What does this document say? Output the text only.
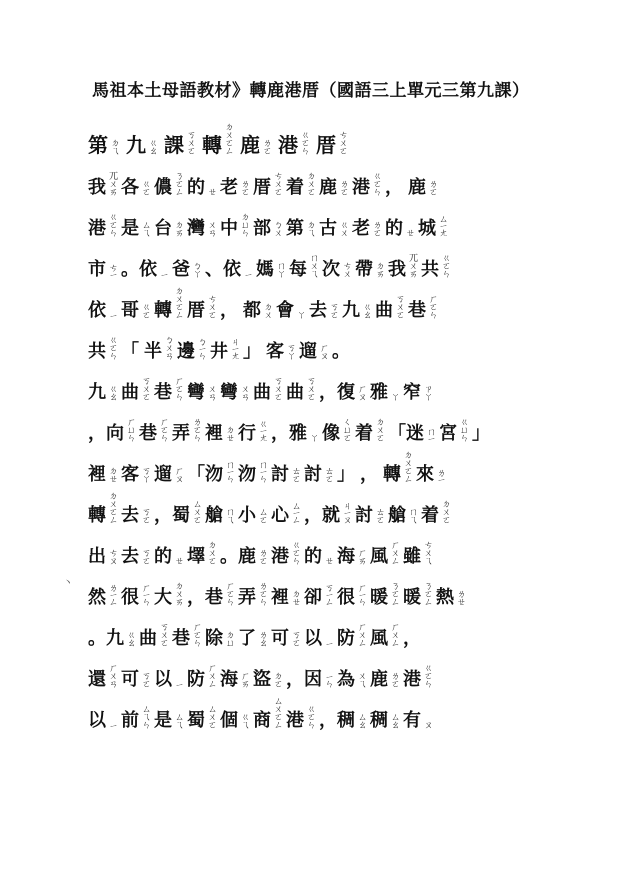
馬祖本土母語教材》轉鹿港厝（國語三上單元三第九課）
第 ㄉㄟ 九 ㄍㄠ 課 ㄎㄨㄛ 轉 ㄉㄨㄛㄥ 鹿 ㄌㄛ 港 ㄍㄛㄣ 厝 ㄘㄨㄛ
我 ㄫㄨㄞ 各 ㄍㄛ 儂 ㄋㄛㄥ 的 ㄝ 老 ㄌㄛ 厝 ㄘㄨㄛ 着 ㄉㄨㄛ 鹿 ㄌㄛ 港 ㄍㄛㄣ ， 鹿 ㄌㄛ
港 ㄍㄛㄣ 是 ㄙㄟ 台 ㄉㄞ 灣 ㄨㄢ 中 ㄉㄩㄣ 部 ㄅㄨ 第 ㄉㄟ 古 ㄍㄨ 老 ㄌㄛ 的 ㄝ 城 ㄙㄧㄤ
市 ㄘㄧ 。依 ㄧ 爸 ㄅㄚ 、依 ㄧ 媽 ㄇㄚ 每 ㄇㄨㄟ 次 ㄘㄨ 帶 ㄉㄞ 我 ㄫㄨㄞ 共 ㄍㄛㄣ
依 ㄧ 哥 ㄍㄛ 轉 ㄉㄨㄛㄥ 厝 ㄘㄨㄛ ， 都 ㄉㄨ 會 ㄚ 去 ㄎㄛ 九 ㄍㄠ 曲 ㄎㄨㄛ 巷 ㄏㄛㄣ
共 ㄍㄛㄣ 「 半 ㄅㄨㄢ 邊 ㄅㄧㄣ 井 ㄐㄧㄤ 」 客 ㄎㄚ 遛 ㄏㄡ 。
九 ㄍㄠ 曲 ㄎㄨㄛ 巷 ㄏㄛㄣ 彎 ㄨㄢ 彎 ㄨㄢ 曲 ㄎㄨㄛ 曲 ㄎㄨㄛ ，復 ㄏㄡ 雅 ㄚ 窄 ㄗㄚ
，向 ㄏㄩㄣ 巷 ㄏㄛㄣ 弄 ㄌㄛㄣ 裡 ㄉㄝ 行 ㄍㄧㄤ ，雅 ㄚ 像 ㄑㄩㄛ 着 ㄉㄨㄛ 「迷 ㄇㄧ 宮 ㄍㄩㄣ 」
裡 ㄉㄝ 客 ㄎㄚ 遛 ㄏㄡ 「沕 ㄇㄧㄣ 沕 ㄇㄧㄣ 討 ㄊㄛ 討 ㄊㄛ 」 ， 轉 ㄉㄨㄛㄥ 來 ㄌㄧ
轉 ㄉㄨㄛㄥ 去 ㄎㄛ ，蜀 ㄙㄨㄛ 艙 ㄇㄟ 小 ㄙㄛ 心 ㄙㄧㄥ ，就 ㄐㄧㄡ 討 ㄊㄛ 艙 ㄇㄟ 着 ㄉㄨㄛ
出 ㄘㄡ 去 ㄎㄛ 的 ㄝ 墿 ㄉㄨㄛ 。鹿 ㄌㄛ 港 ㄍㄛㄣ 的 ㄝ 海 ㄏㄞ 風 ㄏㄨㄥ 雖 ㄘㄨㄟ
然 ㄌㄧㄥ 很 ㄏㄧㄣ 大 ㄉㄨㄞ ，巷 ㄏㄛㄣ 弄 ㄌㄛㄣ 裡 ㄉㄝ 卻 ㄎㄧㄥ 很 ㄏㄧㄣ 暖 ㄋㄛㄥ 暖 ㄋㄛㄥ 熱 ㄌㄝ
。九 ㄍㄠ 曲 ㄎㄨㄛ 巷 ㄏㄛㄣ 除 ㄉㄩ 了 ㄌㄠ 可 ㄎㄛ 以 ㄧ 防 ㄏㄨㄥ 風 ㄏㄨㄥ ，
還 ㄏㄨㄢ 可 ㄎㄛ 以 ㄧ 防 ㄏㄨㄥ 海 ㄏㄞ 盜 ㄉㄛ ，因 ㄧㄣ 為 ㄨㄟ 鹿 ㄌㄛ 港 ㄍㄛㄣ
以 ㄧ 前 ㄙㄟㄣ 是 ㄙㄟ 蜀 ㄙㄨㄛ 個 ㄍㄟ 商 ㄙㄨㄛㄥ 港 ㄍㄛㄣ ，稠 ㄙㄠ 稠 ㄙㄠ 有 ㄡ
丶
